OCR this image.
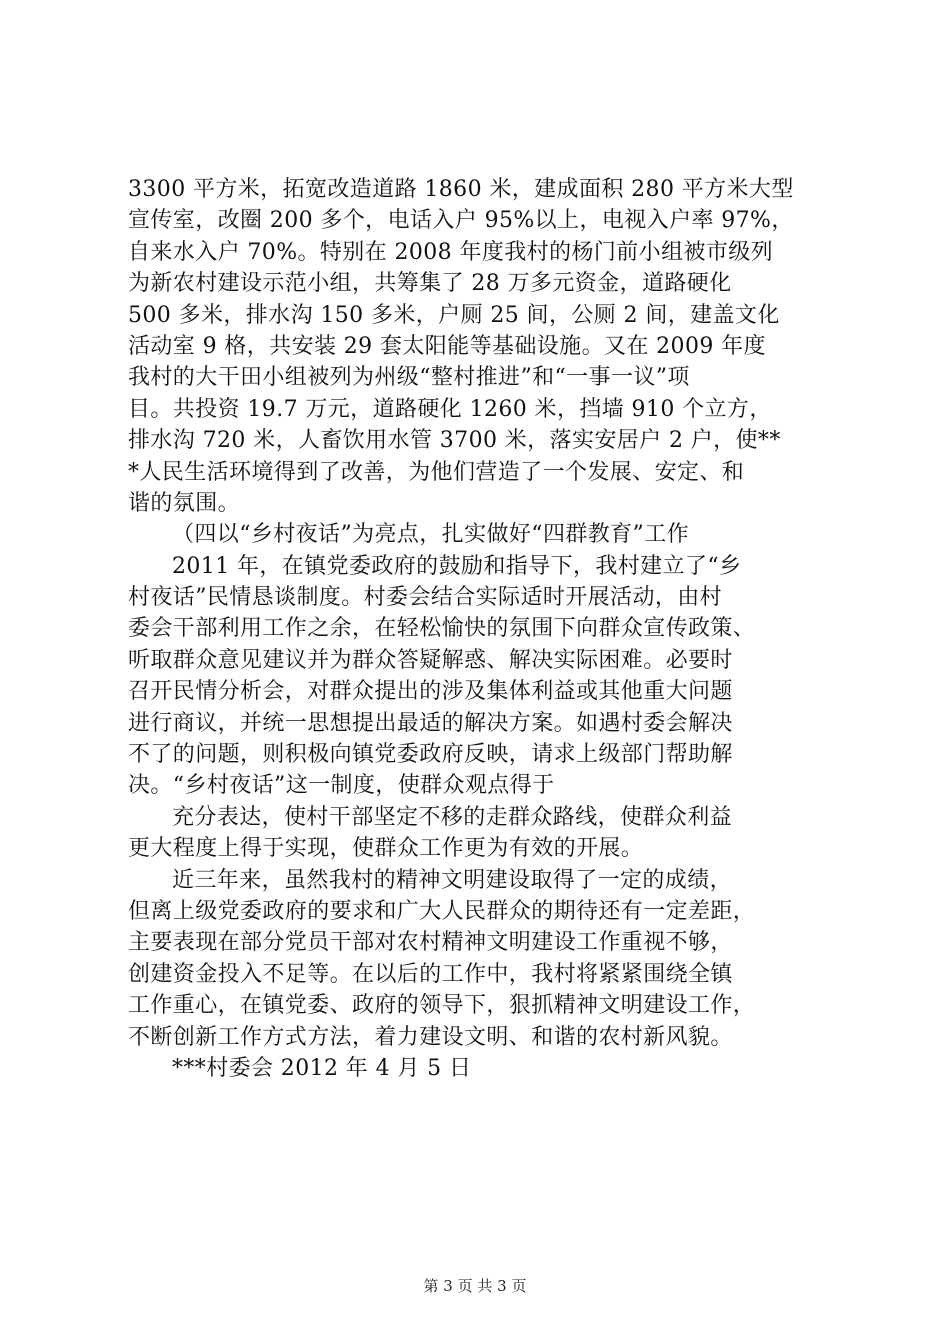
3300 平方米，拓宽改造道路 1860 米，建成面积 280 平方米大型
宣传室，改圈 200 多个，电话入户 95%以上，电视入户率 97%，
自来水入户 70%。特别在 2008 年度我村的杨门前小组被市级列
为新农村建设示范小组，共筹集了 28 万多元资金，道路硬化
500 多米，排水沟 150 多米，户厕 25 间，公厕 2 间，建盖文化
活动室 9 格，共安装 29 套太阳能等基础设施。又在 2009 年度
我村的大干田小组被列为州级“整村推进”和“一事一议”项
目。共投资 19.7 万元，道路硬化 1260 米，挡墙 910 个立方，
排水沟 720 米，人畜饮用水管 3700 米，落实安居户 2 户，使**
*人民生活环境得到了改善，为他们营造了一个发展、安定、和
谐的氛围。
（四以“乡村夜话”为亮点，扎实做好“四群教育”工作
2011 年，在镇党委政府的鼓励和指导下，我村建立了“乡
村夜话”民情恳谈制度。村委会结合实际适时开展活动，由村
委会干部利用工作之余，在轻松愉快的氛围下向群众宣传政策、
听取群众意见建议并为群众答疑解惑、解决实际困难。必要时
召开民情分析会，对群众提出的涉及集体利益或其他重大问题
进行商议，并统一思想提出最适的解决方案。如遇村委会解决
不了的问题，则积极向镇党委政府反映，请求上级部门帮助解
决。“乡村夜话”这一制度，使群众观点得于
充分表达，使村干部坚定不移的走群众路线，使群众利益
更大程度上得于实现，使群众工作更为有效的开展。
近三年来，虽然我村的精神文明建设取得了一定的成绩，
但离上级党委政府的要求和广大人民群众的期待还有一定差距，
主要表现在部分党员干部对农村精神文明建设工作重视不够，
创建资金投入不足等。在以后的工作中，我村将紧紧围绕全镇
工作重心，在镇党委、政府的领导下，狠抓精神文明建设工作，
不断创新工作方式方法，着力建设文明、和谐的农村新风貌。
***村委会 2012 年 4 月 5 日
第 3 页 共 3 页
